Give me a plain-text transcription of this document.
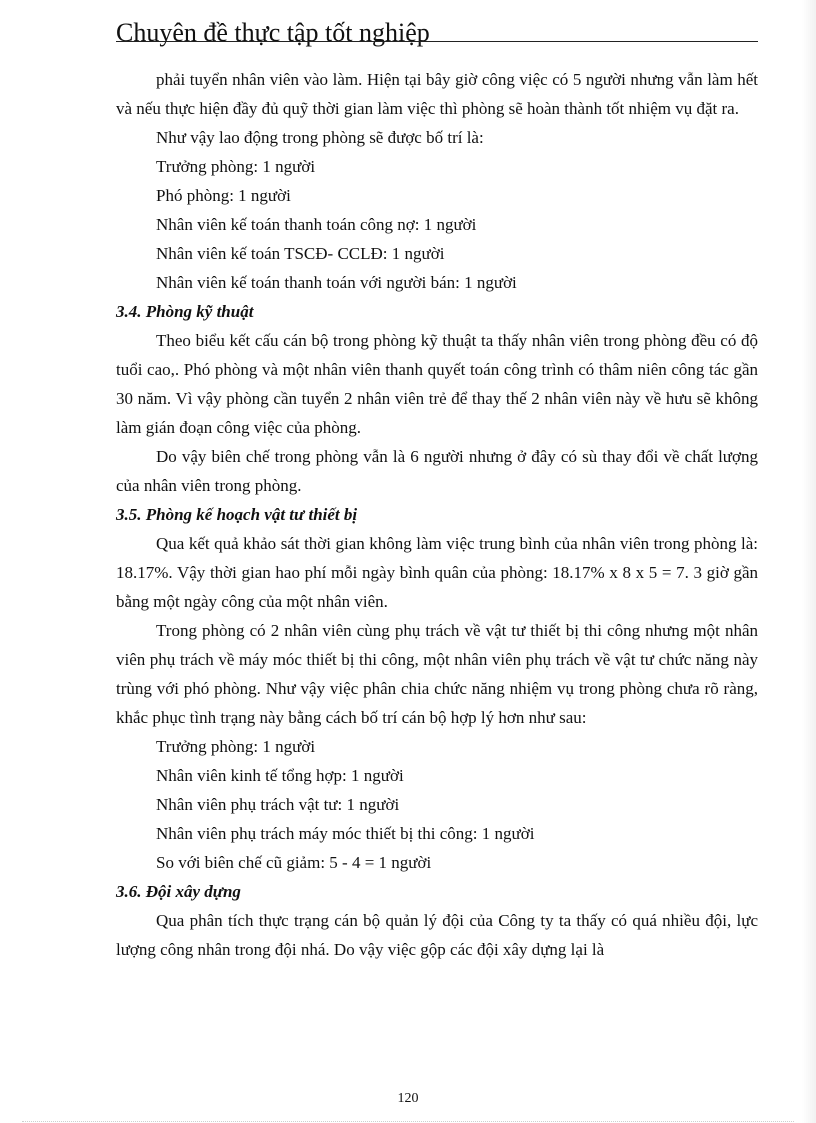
Chuyên đề thực tập tốt nghiệp

phải tuyển nhân viên vào làm. Hiện tại bây giờ công việc có 5 người nhưng vẫn làm hết và nếu thực hiện đầy đủ quỹ thời gian làm việc thì phòng sẽ hoàn thành tốt nhiệm vụ đặt ra.

Như vậy lao động trong phòng sẽ được bố trí là:

Trưởng phòng: 1 người

Phó phòng: 1 người

Nhân viên kế toán thanh toán công nợ: 1 người

Nhân viên kế toán TSCĐ- CCLĐ: 1 người

Nhân viên kế toán thanh toán với người bán: 1 người

3.4. Phòng kỹ thuật

Theo biểu kết cấu cán bộ trong phòng kỹ thuật ta thấy nhân viên trong phòng đều có độ tuổi cao,. Phó phòng và một nhân viên thanh quyết toán công trình có thâm niên công tác gần 30 năm. Vì vậy phòng cần tuyển 2 nhân viên trẻ để thay thế 2 nhân viên này về hưu sẽ không làm gián đoạn công việc của phòng.

Do vậy biên chế trong phòng vẫn là 6 người nhưng ở đây có sù thay đổi về chất lượng của nhân viên trong phòng.

3.5. Phòng kế hoạch vật tư thiết bị

Qua kết quả khảo sát thời gian không làm việc trung bình của nhân viên trong phòng là: 18.17%. Vậy thời gian hao phí mỗi ngày bình quân của phòng: 18.17% x 8 x 5 = 7. 3 giờ gần bằng một ngày công của một nhân viên.

Trong phòng có 2 nhân viên cùng phụ trách về vật tư thiết bị thi công nhưng một nhân viên phụ trách về máy móc thiết bị thi công, một nhân viên phụ trách về vật tư chức năng này trùng với phó phòng. Như vậy việc phân chia chức năng nhiệm vụ trong phòng chưa rõ ràng, khắc phục tình trạng này bằng cách bố trí cán bộ hợp lý hơn như sau:

Trưởng phòng: 1 người

Nhân viên kinh tế tổng hợp: 1 người

Nhân viên phụ trách vật tư: 1 người

Nhân viên phụ trách máy móc thiết bị thi công: 1 người

So với biên chế cũ giảm: 5 - 4 = 1 người

3.6. Đội xây dựng

Qua phân tích thực trạng cán bộ quản lý đội của Công ty ta thấy có quá nhiều đội, lực lượng công nhân trong đội nhá. Do vậy việc gộp các đội xây dựng lại là

120
